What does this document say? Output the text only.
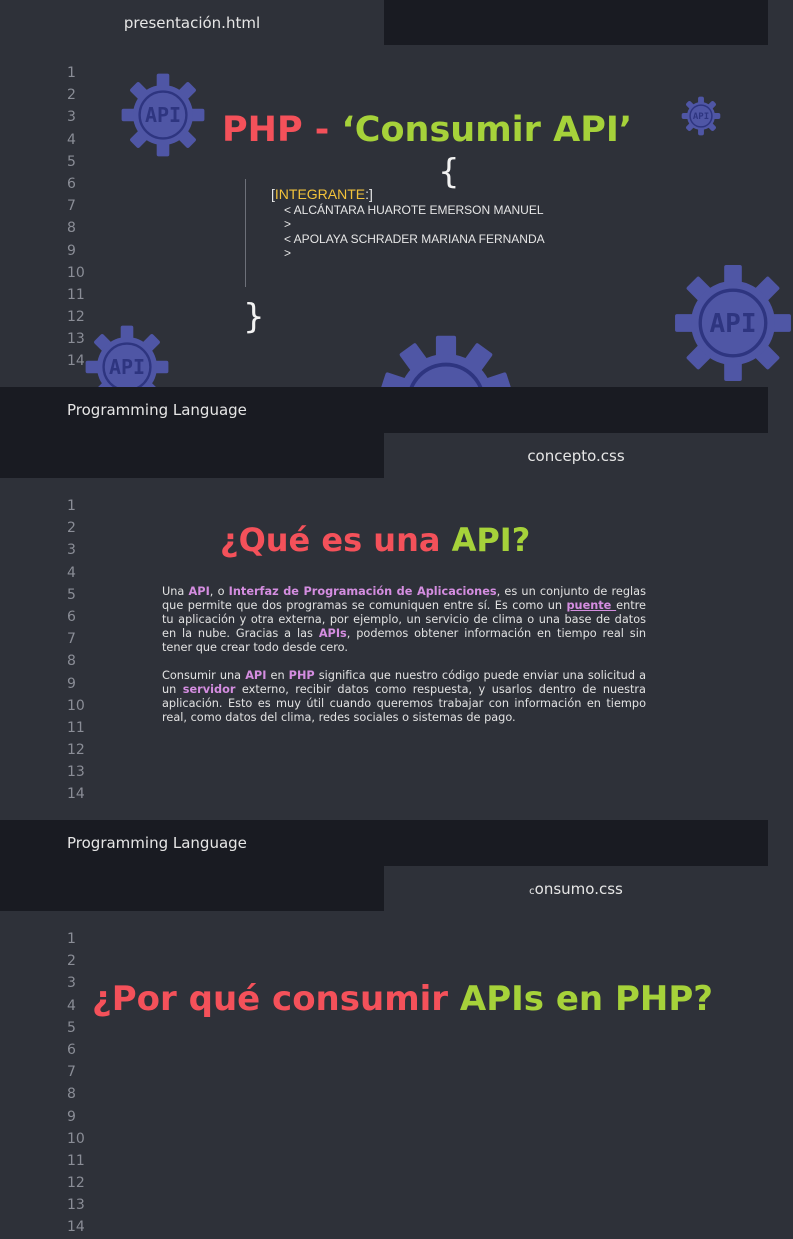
presentación.html
1
2
3
4
5
6
7
8
9
10
11
12
13
14
API	API
API
API
PHP - ‘Consumir API’
{
[INTEGRANTE:]
< ALCÁNTARA HUAROTE EMERSON MANUEL
>
< APOLAYA SCHRADER MARIANA FERNANDA
>
}
Programming Language
concepto.css
1
2
3
4
5
6
7
8
9
10
11
12
13
14
¿Qué es una API?

Una API, o Interfaz de Programación de Aplicaciones, es un conjunto de reglas que permite que dos programas se comuniquen entre sí. Es como un puente entre tu aplicación y otra externa, por ejemplo, un servicio de clima o una base de datos en la nube. Gracias a las APIs, podemos obtener información en tiempo real sin tener que crear todo desde cero.

Consumir una API en PHP significa que nuestro código puede enviar una solicitud a un servidor externo, recibir datos como respuesta, y usarlos dentro de nuestra aplicación. Esto es muy útil cuando queremos trabajar con información en tiempo real, como datos del clima, redes sociales o sistemas de pago.

Programming Language
consumo.css
1
2
3
4
5
6
7
8
9
10
11
12
13
14
¿Por qué consumir APIs en PHP?
